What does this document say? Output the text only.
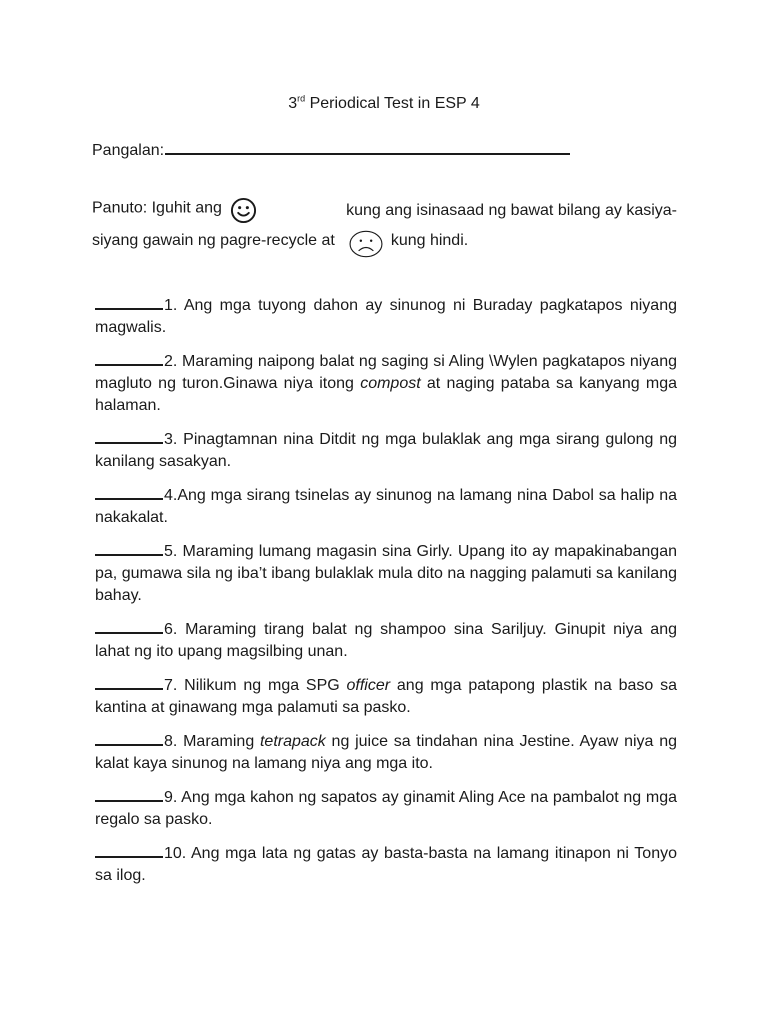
3rd Periodical Test in ESP 4
Pangalan:
Panuto: Iguhit ang	kung ang isinasaad ng bawat bilang ay kasiya-
siyang gawain ng pagre-recycle at	kung hindi.

1. Ang mga tuyong dahon ay sinunog ni Buraday pagkatapos niyang magwalis.

2. Maraming naipong balat ng saging si Aling \Wylen pagkatapos niyang magluto ng turon.Ginawa niya itong compost at naging pataba sa kanyang mga halaman.

3. Pinagtamnan nina Ditdit ng mga bulaklak ang mga sirang gulong ng kanilang sasakyan.

4.Ang mga sirang tsinelas ay sinunog na lamang nina Dabol sa halip na nakakalat.

5. Maraming lumang magasin sina Girly. Upang ito ay mapakinabangan pa, gumawa sila ng iba’t ibang bulaklak mula dito na nagging palamuti sa kanilang bahay.

6. Maraming tirang balat ng shampoo sina Sariljuy. Ginupit niya ang lahat ng ito upang magsilbing unan.

7. Nilikum ng mga SPG officer ang mga patapong plastik na baso sa kantina at ginawang mga palamuti sa pasko.

8. Maraming tetrapack ng juice sa tindahan nina Jestine. Ayaw niya ng kalat kaya sinunog na lamang niya ang mga ito.

9. Ang mga kahon ng sapatos ay ginamit Aling Ace na pambalot ng mga regalo sa pasko.

10. Ang mga lata ng gatas ay basta-basta na lamang itinapon ni Tonyo sa ilog.
